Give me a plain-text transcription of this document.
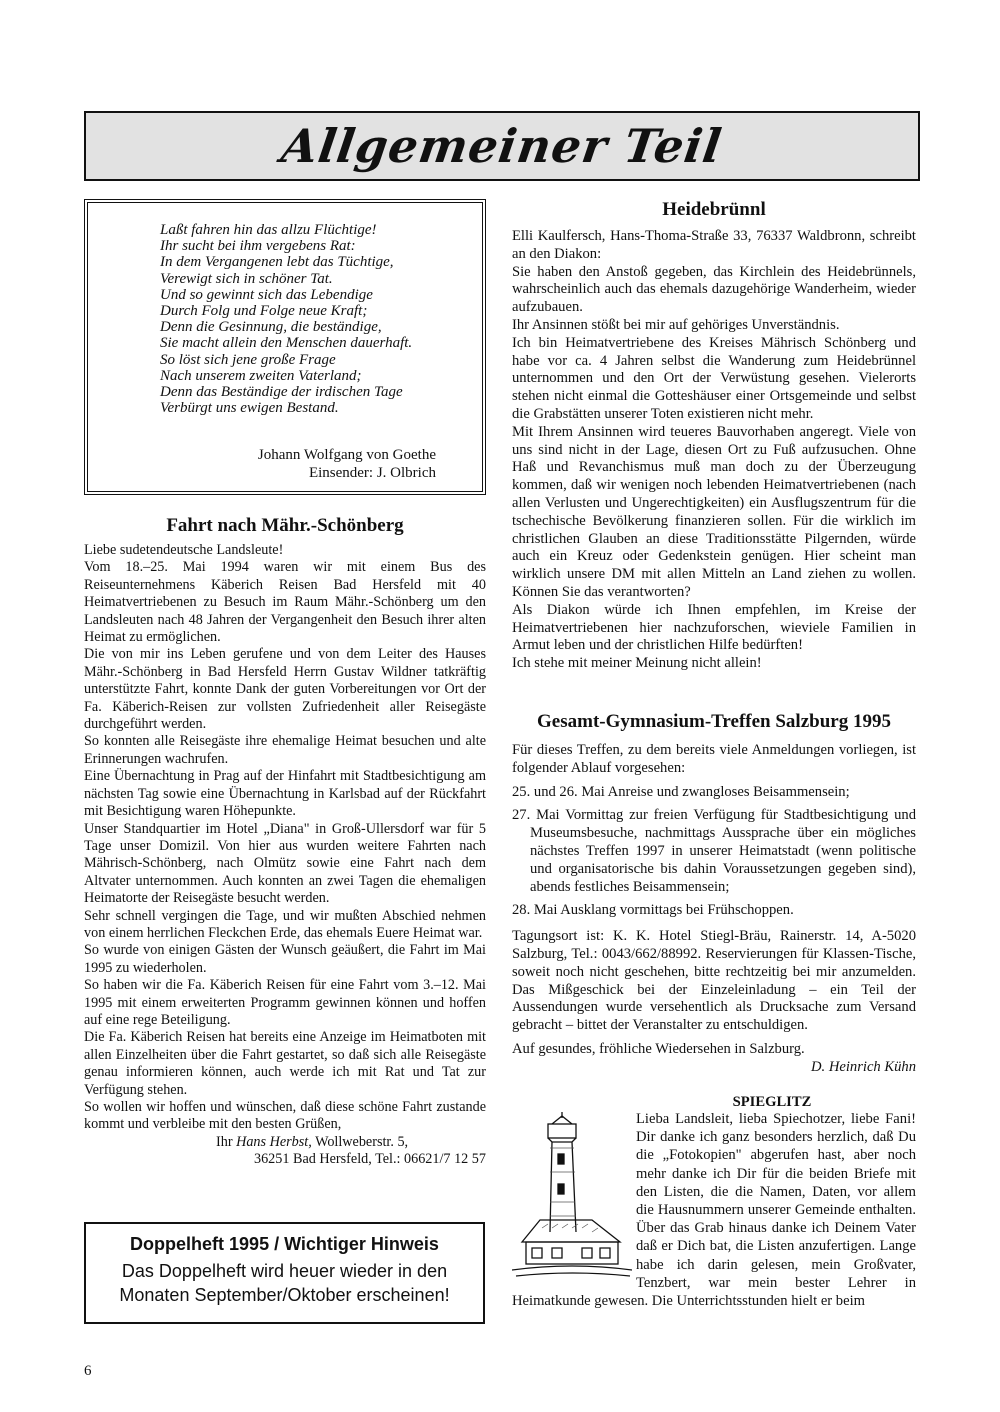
Allgemeiner Teil
Laßt fahren hin das allzu Flüchtige!
Ihr sucht bei ihm vergebens Rat:
In dem Vergangenen lebt das Tüchtige,
Verewigt sich in schöner Tat.
Und so gewinnt sich das Lebendige
Durch Folg und Folge neue Kraft;
Denn die Gesinnung, die beständige,
Sie macht allein den Menschen dauerhaft.
So löst sich jene große Frage
Nach unserem zweiten Vaterland;
Denn das Beständige der irdischen Tage
Verbürgt uns ewigen Bestand.
Johann Wolfgang von Goethe
Einsender: J. Olbrich
Fahrt nach Mähr.-Schönberg

Liebe sudetendeutsche Landsleute!

Vom 18.–25. Mai 1994 waren wir mit einem Bus des Reiseunternehmens Käberich Reisen Bad Hersfeld mit 40 Heimatvertriebenen zu Besuch im Raum Mähr.-Schönberg um den Landsleuten nach 48 Jahren der Vergangenheit den Besuch ihrer alten Heimat zu ermöglichen.

Die von mir ins Leben gerufene und von dem Leiter des Hauses Mähr.-Schönberg in Bad Hersfeld Herrn Gustav Wildner tatkräftig unterstützte Fahrt, konnte Dank der guten Vorbereitungen vor Ort der Fa. Käberich-Reisen zur vollsten Zufriedenheit aller Reisegäste durchgeführt werden.

So konnten alle Reisegäste ihre ehemalige Heimat besuchen und alte Erinnerungen wachrufen.

Eine Übernachtung in Prag auf der Hinfahrt mit Stadtbesichtigung am nächsten Tag sowie eine Übernachtung in Karlsbad auf der Rückfahrt mit Besichtigung waren Höhepunkte.

Unser Standquartier im Hotel „Diana" in Groß-Ullersdorf war für 5 Tage unser Domizil. Von hier aus wurden weitere Fahrten nach Mährisch-Schönberg, nach Olmütz sowie eine Fahrt nach dem Altvater unternommen. Auch konnten an zwei Tagen die ehemaligen Heimatorte der Reisegäste besucht werden.

Sehr schnell vergingen die Tage, und wir mußten Abschied nehmen von einem herrlichen Fleckchen Erde, das ehemals Euere Heimat war.

So wurde von einigen Gästen der Wunsch geäußert, die Fahrt im Mai 1995 zu wiederholen.

So haben wir die Fa. Käberich Reisen für eine Fahrt vom 3.–12. Mai 1995 mit einem erweiterten Programm gewinnen können und hoffen auf eine rege Beteiligung.

Die Fa. Käberich Reisen hat bereits eine Anzeige im Heimatboten mit allen Einzelheiten über die Fahrt gestartet, so daß sich alle Reisegäste genau informieren können, auch werde ich mit Rat und Tat zur Verfügung stehen.

So wollen wir hoffen und wünschen, daß diese schöne Fahrt zustande kommt und verbleibe mit den besten Grüßen,

Ihr Hans Herbst, Wollweberstr. 5,

36251 Bad Hersfeld, Tel.: 06621/7 12 57

Doppelheft 1995 / Wichtiger Hinweis
Das Doppelheft wird heuer wieder in den
Monaten September/Oktober erscheinen!
Heidebrünnl

Elli Kaulfersch, Hans-Thoma-Straße 33, 76337 Waldbronn, schreibt an den Diakon:

Sie haben den Anstoß gegeben, das Kirchlein des Heidebrünnels, wahrscheinlich auch das ehemals dazugehörige Wanderheim, wieder aufzubauen.

Ihr Ansinnen stößt bei mir auf gehöriges Unverständnis.

Ich bin Heimatvertriebene des Kreises Mährisch Schönberg und habe vor ca. 4 Jahren selbst die Wanderung zum Heidebrünnel unternommen und den Ort der Verwüstung gesehen. Vielerorts stehen nicht einmal die Gotteshäuser einer Ortsgemeinde und selbst die Grabstätten unserer Toten existieren nicht mehr.

Mit Ihrem Ansinnen wird teueres Bauvorhaben angeregt. Viele von uns sind nicht in der Lage, diesen Ort zu Fuß aufzusuchen. Ohne Haß und Revanchismus muß man doch zu der Überzeugung kommen, daß wir wenigen noch lebenden Heimatvertriebenen (nach allen Verlusten und Ungerechtigkeiten) ein Ausflugszentrum für die tschechische Bevölkerung finanzieren sollen. Für die wirklich im christlichen Glauben an diese Traditionsstätte Pilgernden, würde auch ein Kreuz oder Gedenkstein genügen. Hier scheint man wirklich unsere DM mit allen Mitteln an Land ziehen zu wollen. Können Sie das verantworten?

Als Diakon würde ich Ihnen empfehlen, im Kreise der Heimatvertriebenen hier nachzuforschen, wieviele Familien in Armut leben und der christlichen Hilfe bedürften!

Ich stehe mit meiner Meinung nicht allein!

Gesamt-Gymnasium-Treffen Salzburg 1995

Für dieses Treffen, zu dem bereits viele Anmeldungen vorliegen, ist folgender Ablauf vorgesehen:

25. und 26. Mai Anreise und zwangloses Beisammensein;

27. Mai Vormittag zur freien Verfügung für Stadtbesichtigung und Museumsbesuche, nachmittags Aussprache über ein mögliches nächstes Treffen 1997 in unserer Heimatstadt (wenn politische und organisatorische bis dahin Voraussetzungen gegeben sind), abends festliches Beisammensein;

28. Mai Ausklang vormittags bei Frühschoppen.

Tagungsort ist: K. K. Hotel Stiegl-Bräu, Rainerstr. 14, A-5020 Salzburg, Tel.: 0043/662/88992. Reservierungen für Klassen-Tische, soweit noch nicht geschehen, bitte rechtzeitig bei mir anzumelden. Das Mißgeschick bei der Einzeleinladung – ein Teil der Aussendungen wurde versehentlich als Drucksache zum Versand gebracht – bittet der Veranstalter zu entschuldigen.

Auf gesundes, fröhliche Wiedersehen in Salzburg.

D. Heinrich Kühn

SPIEGLITZ

Lieba Landsleit, lieba Spiechotzer, liebe Fani! Dir danke ich ganz besonders herzlich, daß Du die „Fotokopien" abgerufen hast, aber noch mehr danke ich Dir für die beiden Briefe mit den Listen, die die Namen, Daten, vor allem die Hausnummern unserer Gemeinde enthalten. Über das Grab hinaus danke ich Deinem Vater daß er Dich bat, die Listen anzufertigen. Lange habe ich darin gelesen, mein Großvater, Tenzbert, war mein bester Lehrer in Heimatkunde gewesen. Die Unterrichtsstunden hielt er beim

6
